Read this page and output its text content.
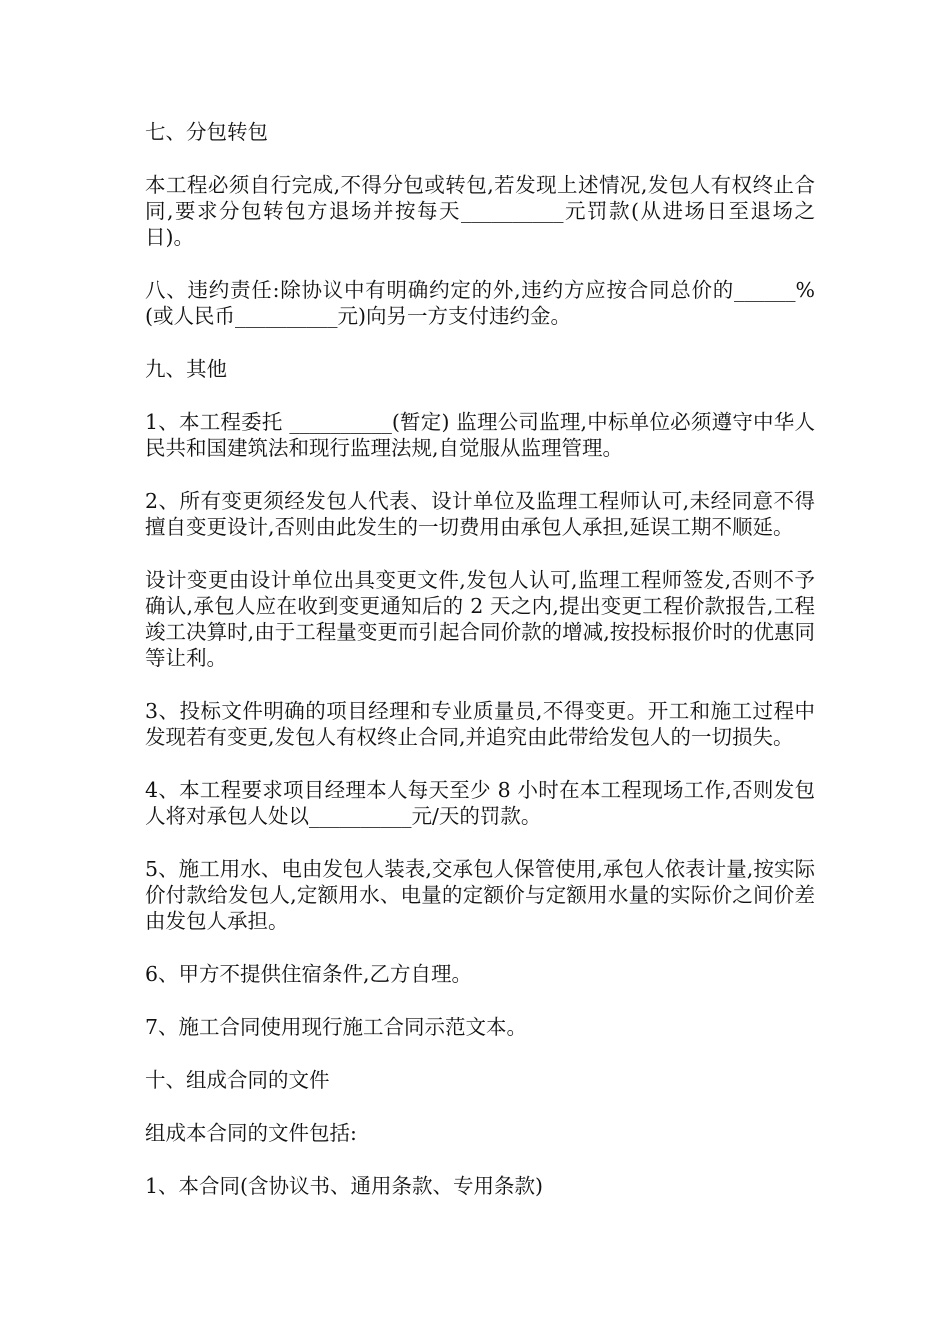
七、分包转包

本工程必须自行完成,不得分包或转包,若发现上述情况,发包人有权终止合同,要求分包转包方退场并按每天__________元罚款(从进场日至退场之日)。

八、违约责任:除协议中有明确约定的外,违约方应按合同总价的______%(或人民币__________元)向另一方支付违约金。

九、其他

1、本工程委托 __________(暂定) 监理公司监理,中标单位必须遵守中华人民共和国建筑法和现行监理法规,自觉服从监理管理。

2、所有变更须经发包人代表、设计单位及监理工程师认可,未经同意不得擅自变更设计,否则由此发生的一切费用由承包人承担,延误工期不顺延。

设计变更由设计单位出具变更文件,发包人认可,监理工程师签发,否则不予确认,承包人应在收到变更通知后的 2 天之内,提出变更工程价款报告,工程竣工决算时,由于工程量变更而引起合同价款的增减,按投标报价时的优惠同等让利。

3、投标文件明确的项目经理和专业质量员,不得变更。开工和施工过程中发现若有变更,发包人有权终止合同,并追究由此带给发包人的一切损失。

4、本工程要求项目经理本人每天至少 8 小时在本工程现场工作,否则发包人将对承包人处以__________元/天的罚款。

5、施工用水、电由发包人装表,交承包人保管使用,承包人依表计量,按实际价付款给发包人,定额用水、电量的定额价与定额用水量的实际价之间价差由发包人承担。

6、甲方不提供住宿条件,乙方自理。

7、施工合同使用现行施工合同示范文本。

十、组成合同的文件

组成本合同的文件包括:

1、本合同(含协议书、通用条款、专用条款)
